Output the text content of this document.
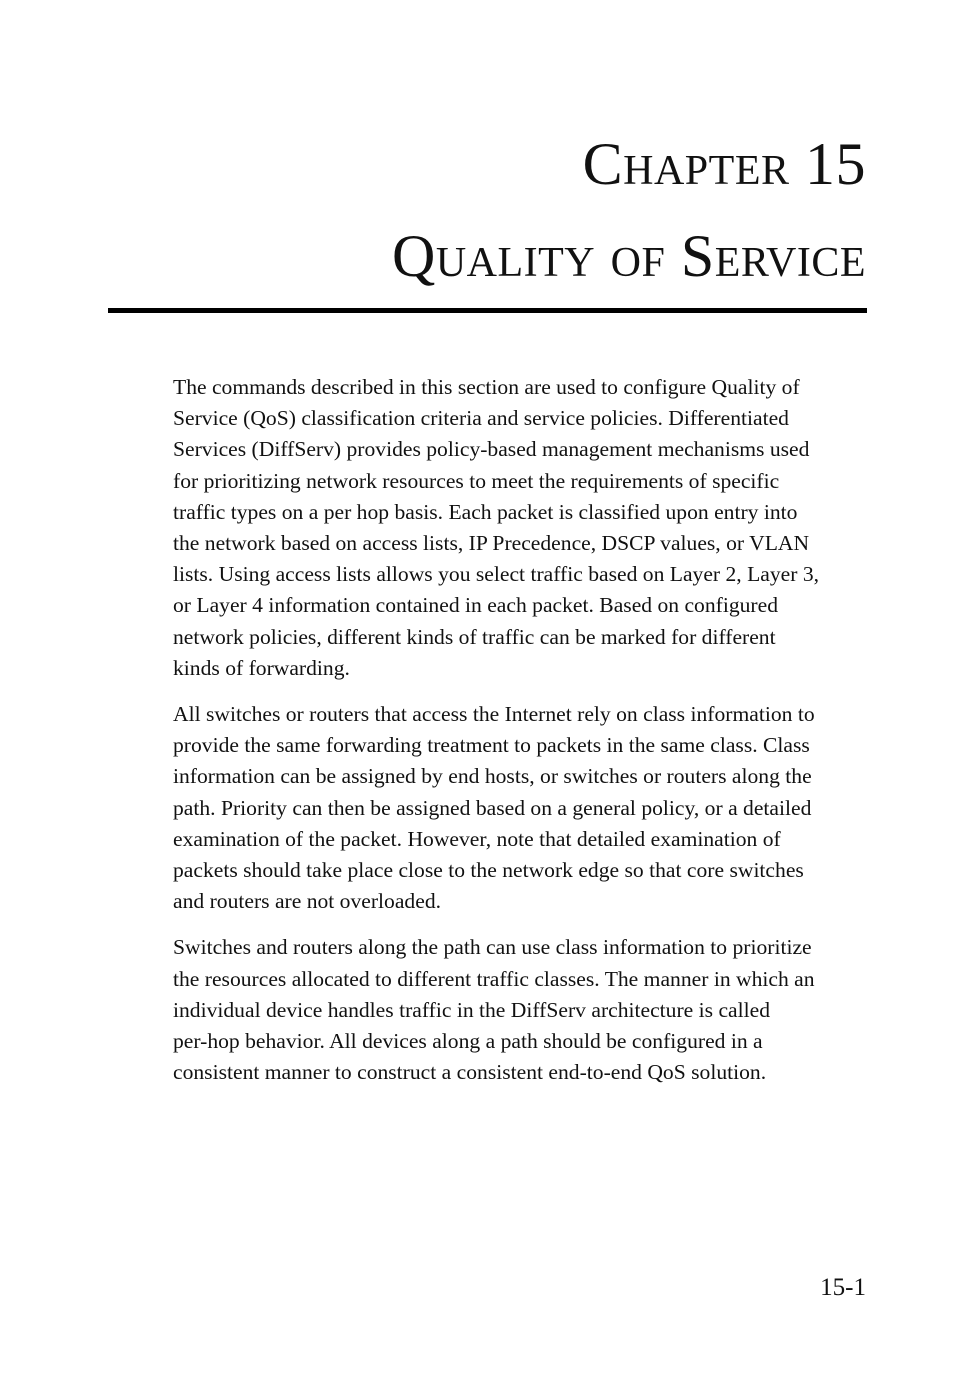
Chapter 15
Quality of Service

The commands described in this section are used to configure Quality of
Service (QoS) classification criteria and service policies. Differentiated
Services (DiffServ) provides policy-based management mechanisms used
for prioritizing network resources to meet the requirements of specific
traffic types on a per hop basis. Each packet is classified upon entry into
the network based on access lists, IP Precedence, DSCP values, or VLAN
lists. Using access lists allows you select traffic based on Layer 2, Layer 3,
or Layer 4 information contained in each packet. Based on configured
network policies, different kinds of traffic can be marked for different
kinds of forwarding.

All switches or routers that access the Internet rely on class information to
provide the same forwarding treatment to packets in the same class. Class
information can be assigned by end hosts, or switches or routers along the
path. Priority can then be assigned based on a general policy, or a detailed
examination of the packet. However, note that detailed examination of
packets should take place close to the network edge so that core switches
and routers are not overloaded.

Switches and routers along the path can use class information to prioritize
the resources allocated to different traffic classes. The manner in which an
individual device handles traffic in the DiffServ architecture is called
per-hop behavior. All devices along a path should be configured in a
consistent manner to construct a consistent end-to-end QoS solution.

15-1
